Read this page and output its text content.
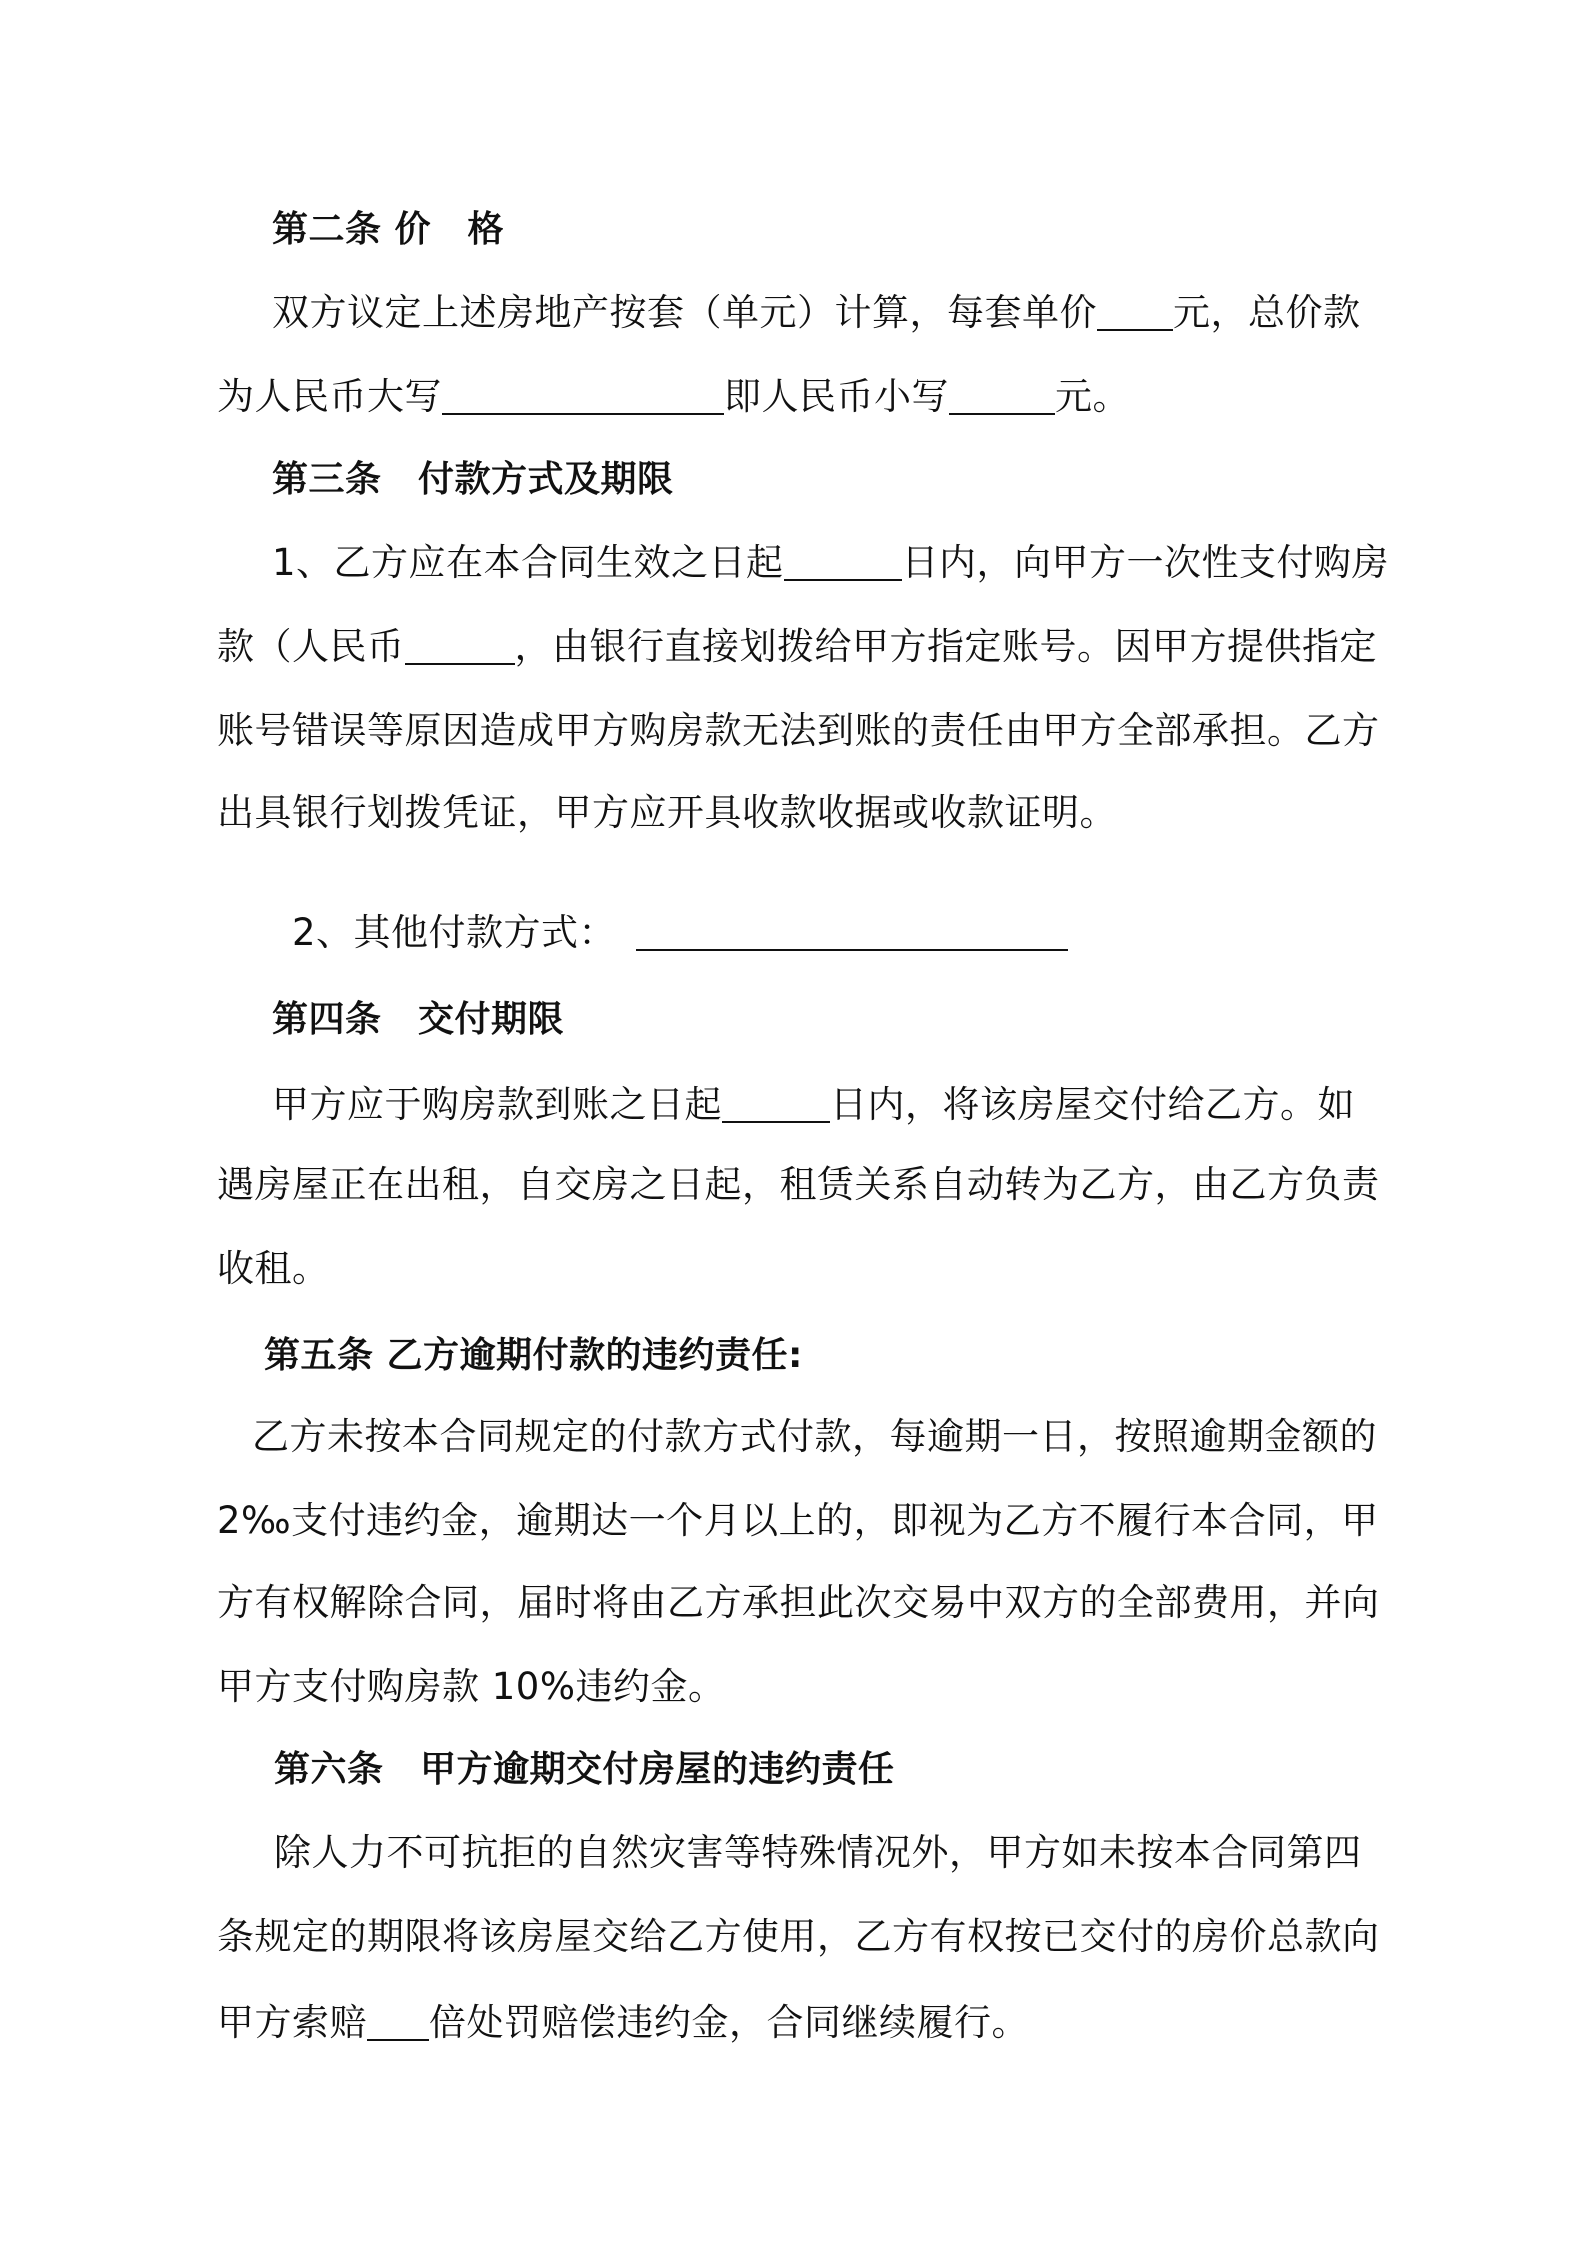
第二条 价　格
双方议定上述房地产按套（单元）计算，每套单价 元，总价款
为人民币大写	即人民币小写	元。
第三条　付款方式及期限
1、乙方应在本合同生效之日起	日内，向甲方一次性支付购房
款（人民币	，由银行直接划拨给甲方指定账号。因甲方提供指定
账号错误等原因造成甲方购房款无法到账的责任由甲方全部承担。乙方
出具银行划拨凭证，甲方应开具收款收据或收款证明。
2、其他付款方式：
第四条　交付期限
甲方应于购房款到账之日起	日内，将该房屋交付给乙方。如
遇房屋正在出租，自交房之日起，租赁关系自动转为乙方，由乙方负责
收租。
第五条 乙方逾期付款的违约责任:
乙方未按本合同规定的付款方式付款，每逾期一日，按照逾期金额的
2‰支付违约金，逾期达一个月以上的，即视为乙方不履行本合同，甲
方有权解除合同，届时将由乙方承担此次交易中双方的全部费用，并向
甲方支付购房款 10%违约金。
第六条　甲方逾期交付房屋的违约责任
除人力不可抗拒的自然灾害等特殊情况外，甲方如未按本合同第四
条规定的期限将该房屋交给乙方使用，乙方有权按已交付的房价总款向
甲方索赔 倍处罚赔偿违约金，合同继续履行。
